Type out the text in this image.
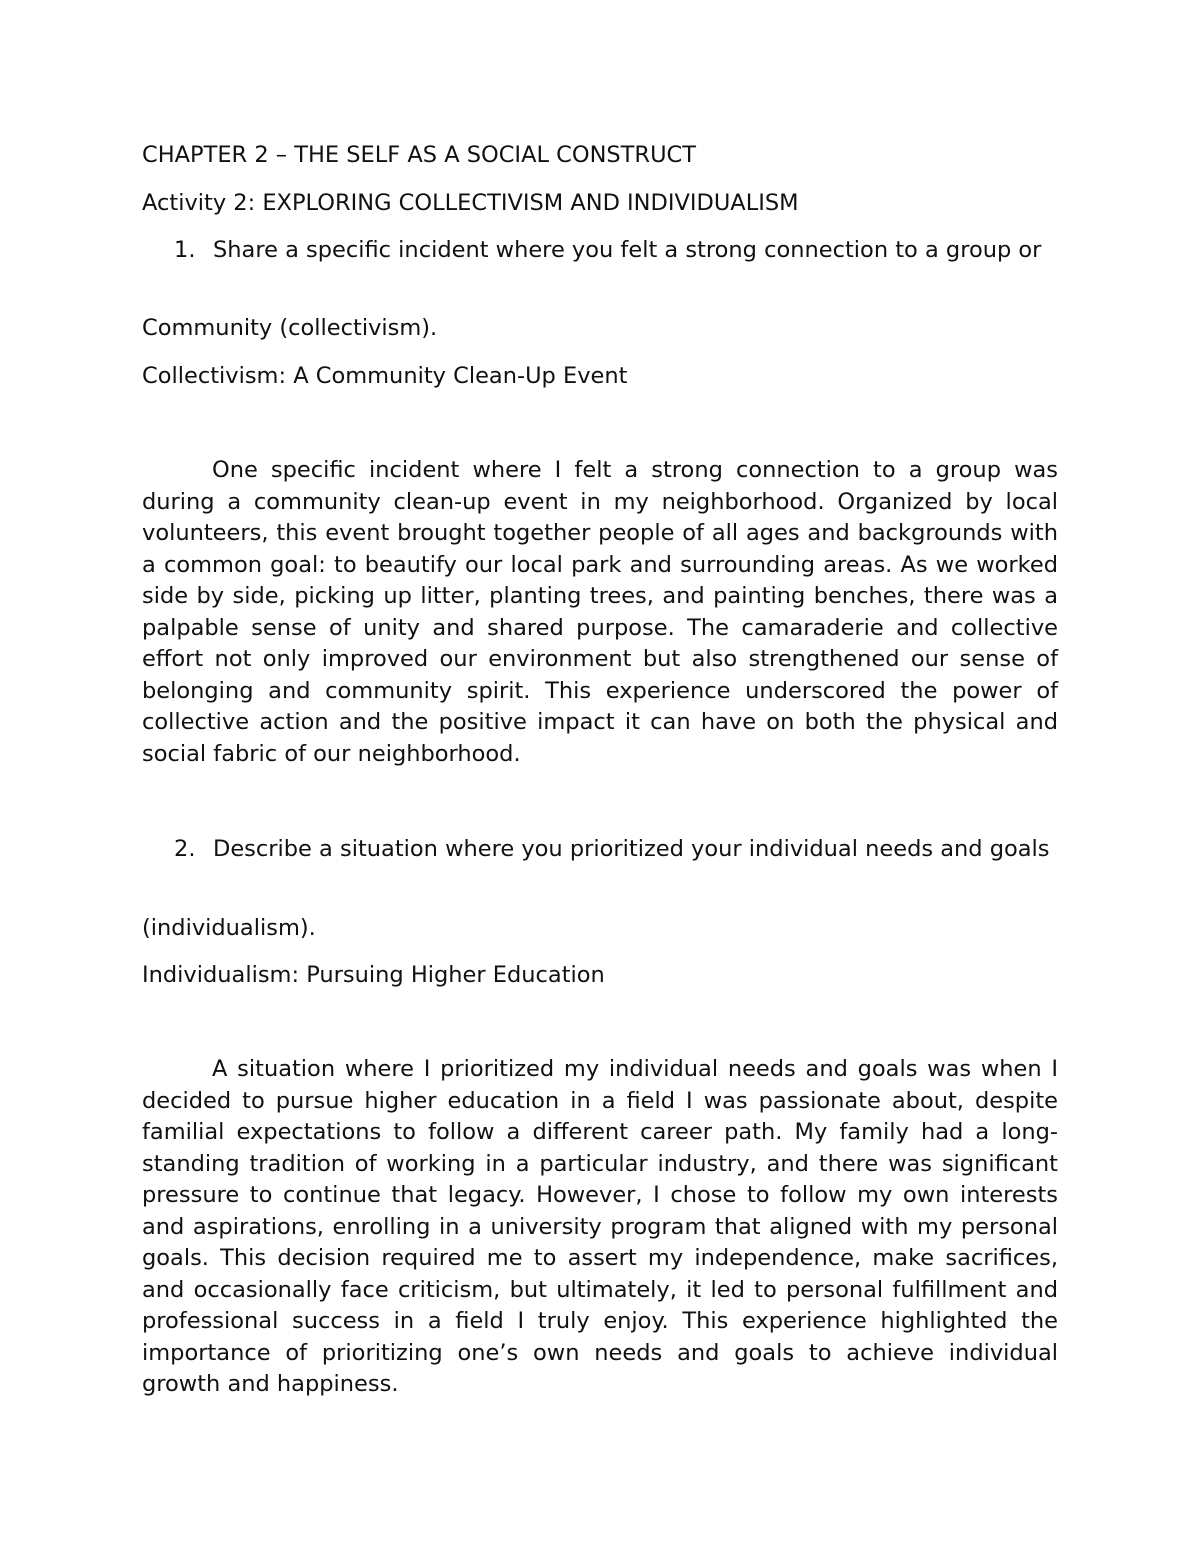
CHAPTER 2 – THE SELF AS A SOCIAL CONSTRUCT
Activity 2: EXPLORING COLLECTIVISM AND INDIVIDUALISM
1. Share a specific incident where you felt a strong connection to a group or
Community (collectivism).
Collectivism: A Community Clean-Up Event
One specific incident where I felt a strong connection to a group was during a community clean-up event in my neighborhood. Organized by local volunteers, this event brought together people of all ages and backgrounds with a common goal: to beautify our local park and surrounding areas. As we worked side by side, picking up litter, planting trees, and painting benches, there was a palpable sense of unity and shared purpose. The camaraderie and collective effort not only improved our environment but also strengthened our sense of belonging and community spirit. This experience underscored the power of collective action and the positive impact it can have on both the physical and social fabric of our neighborhood.
2. Describe a situation where you prioritized your individual needs and goals
(individualism).
Individualism: Pursuing Higher Education
A situation where I prioritized my individual needs and goals was when I decided to pursue higher education in a field I was passionate about, despite familial expectations to follow a different career path. My family had a long-standing tradition of working in a particular industry, and there was significant pressure to continue that legacy. However, I chose to follow my own interests and aspirations, enrolling in a university program that aligned with my personal goals. This decision required me to assert my independence, make sacrifices, and occasionally face criticism, but ultimately, it led to personal fulfillment and professional success in a field I truly enjoy. This experience highlighted the importance of prioritizing one’s own needs and goals to achieve individual growth and happiness.
